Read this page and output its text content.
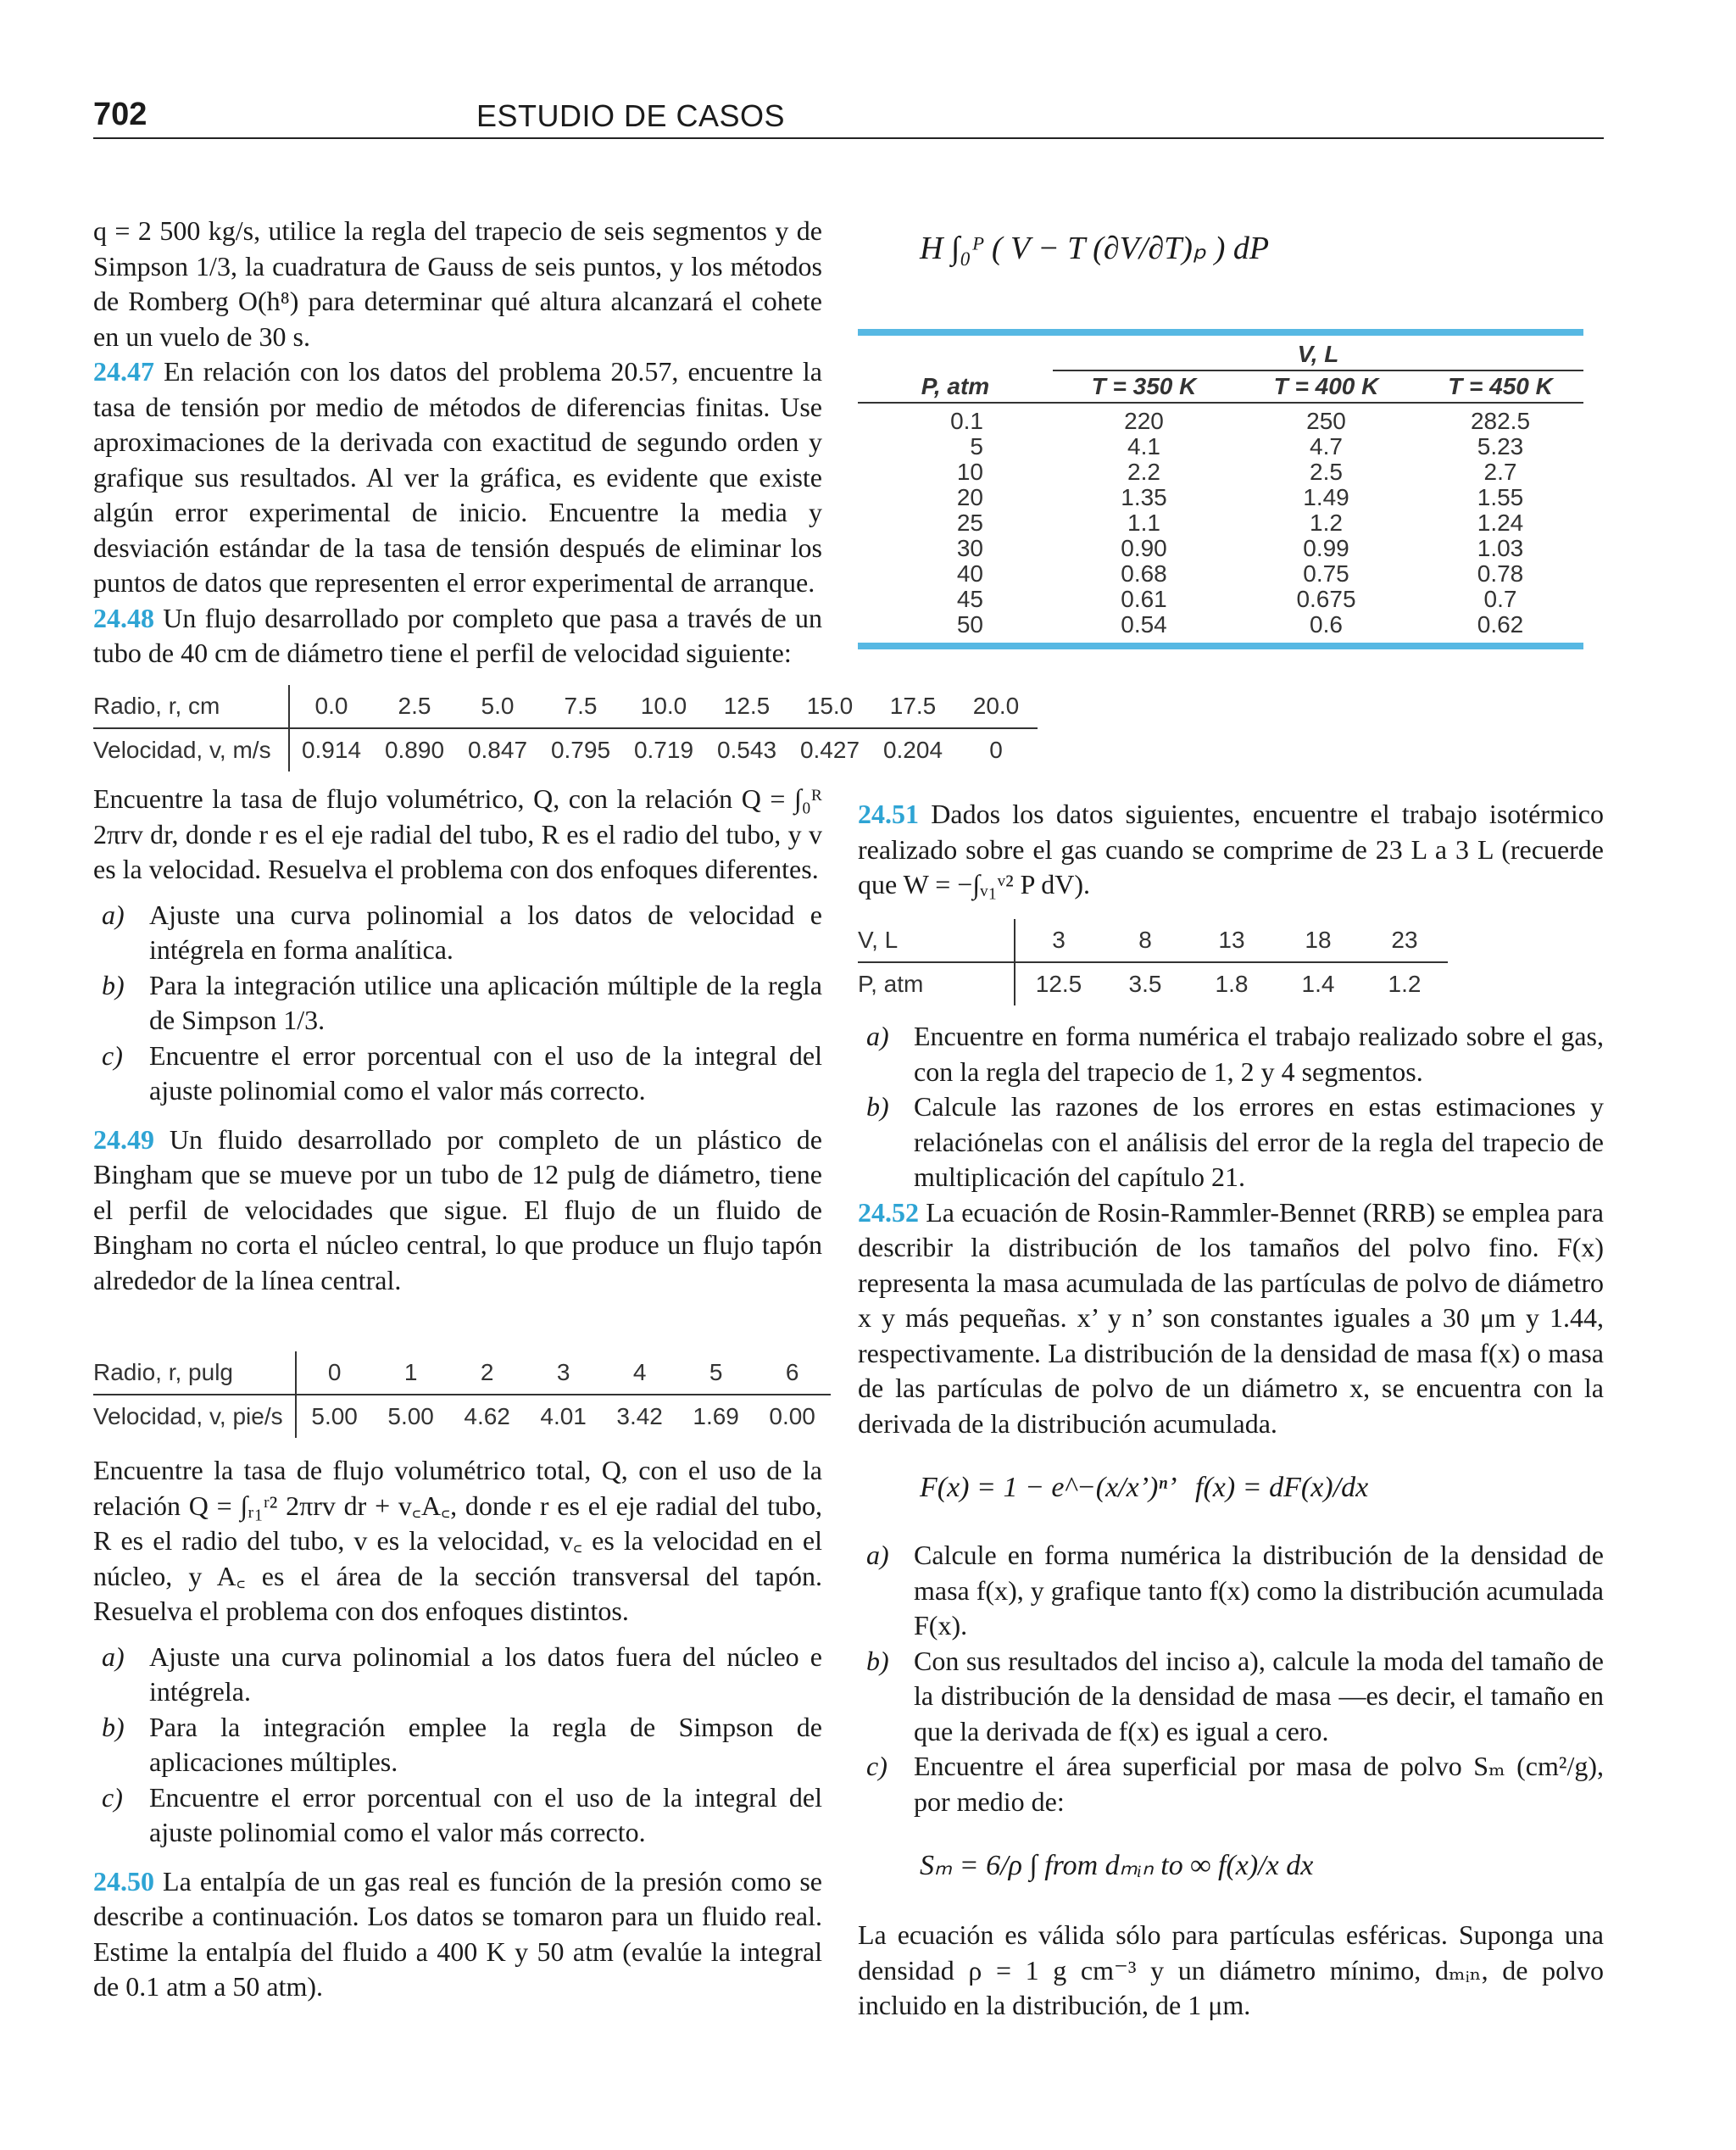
702	ESTUDIO DE CASOS

q = 2 500 kg/s, utilice la regla del trapecio de seis segmentos y de Simpson 1/3, la cuadratura de Gauss de seis puntos, y los métodos de Romberg O(h⁸) para determinar qué altura alcanzará el cohete en un vuelo de 30 s.

24.47 En relación con los datos del problema 20.57, encuentre la tasa de tensión por medio de métodos de diferencias finitas. Use aproximaciones de la derivada con exactitud de segundo orden y grafique sus resultados. Al ver la gráfica, es evidente que existe algún error experimental de inicio. Encuentre la media y desviación estándar de la tasa de tensión después de eliminar los puntos de datos que representen el error experimental de arranque.

24.48 Un flujo desarrollado por completo que pasa a través de un tubo de 40 cm de diámetro tiene el perfil de velocidad siguiente:

Radio, r, cm	0.0	2.5	5.0	7.5	10.0	12.5	15.0	17.5	20.0
Velocidad, v, m/s	0.914	0.890	0.847	0.795	0.719	0.543	0.427	0.204	0

Encuentre la tasa de flujo volumétrico, Q, con la relación Q = ∫₀ᴿ 2πrv dr, donde r es el eje radial del tubo, R es el radio del tubo, y v es la velocidad. Resuelva el problema con dos enfoques diferentes.

a) Ajuste una curva polinomial a los datos de velocidad e intégrela en forma analítica.
b) Para la integración utilice una aplicación múltiple de la regla de Simpson 1/3.
c) Encuentre el error porcentual con el uso de la integral del ajuste polinomial como el valor más correcto.

24.49 Un fluido desarrollado por completo de un plástico de Bingham que se mueve por un tubo de 12 pulg de diámetro, tiene el perfil de velocidades que sigue. El flujo de un fluido de Bingham no corta el núcleo central, lo que produce un flujo tapón alrededor de la línea central.

Radio, r, pulg	0	1	2	3	4	5	6
Velocidad, v, pie/s	5.00	5.00	4.62	4.01	3.42	1.69	0.00

Encuentre la tasa de flujo volumétrico total, Q, con el uso de la relación Q = ∫ᵣ₁ʳ² 2πrv dr + v꜀A꜀, donde r es el eje radial del tubo, R es el radio del tubo, v es la velocidad, v꜀ es la velocidad en el núcleo, y A꜀ es el área de la sección transversal del tapón. Resuelva el problema con dos enfoques distintos.

a) Ajuste una curva polinomial a los datos fuera del núcleo e intégrela.
b) Para la integración emplee la regla de Simpson de aplicaciones múltiples.
c) Encuentre el error porcentual con el uso de la integral del ajuste polinomial como el valor más correcto.

24.50 La entalpía de un gas real es función de la presión como se describe a continuación. Los datos se tomaron para un fluido real. Estime la entalpía del fluido a 400 K y 50 atm (evalúe la integral de 0.1 atm a 50 atm).

H ∫₀ᴾ ( V − T (∂V/∂T)ₚ ) dP
P, atm	V, L		
	T = 350 K	T = 400 K	T = 450 K
0.1	220	250	282.5
5	4.1	4.7	5.23
10	2.2	2.5	2.7
20	1.35	1.49	1.55
25	1.1	1.2	1.24
30	0.90	0.99	1.03
40	0.68	0.75	0.78
45	0.61	0.675	0.7
50	0.54	0.6	0.62

24.51 Dados los datos siguientes, encuentre el trabajo isotérmico realizado sobre el gas cuando se comprime de 23 L a 3 L (recuerde que W = −∫ᵥ₁ᵛ² P dV).

V, L	3	8	13	18	23
P, atm	12.5	3.5	1.8	1.4	1.2
a) Encuentre en forma numérica el trabajo realizado sobre el gas, con la regla del trapecio de 1, 2 y 4 segmentos.
b) Calcule las razones de los errores en estas estimaciones y relaciónelas con el análisis del error de la regla del trapecio de multiplicación del capítulo 21.

24.52 La ecuación de Rosin-Rammler-Bennet (RRB) se emplea para describir la distribución de los tamaños del polvo fino. F(x) representa la masa acumulada de las partículas de polvo de diámetro x y más pequeñas. x’ y n’ son constantes iguales a 30 μm y 1.44, respectivamente. La distribución de la densidad de masa f(x) o masa de las partículas de polvo de un diámetro x, se encuentra con la derivada de la distribución acumulada.

F(x) = 1 − e^−(x/x’)ⁿ’ f(x) = dF(x)/dx
a) Calcule en forma numérica la distribución de la densidad de masa f(x), y grafique tanto f(x) como la distribución acumulada F(x).
b) Con sus resultados del inciso a), calcule la moda del tamaño de la distribución de la densidad de masa —es decir, el tamaño en que la derivada de f(x) es igual a cero.
c) Encuentre el área superficial por masa de polvo Sₘ (cm²/g), por medio de:
Sₘ = 6/ρ ∫ from dₘᵢₙ to ∞ f(x)/x dx

La ecuación es válida sólo para partículas esféricas. Suponga una densidad ρ = 1 g cm⁻³ y un diámetro mínimo, dₘᵢₙ, de polvo incluido en la distribución, de 1 μm.
